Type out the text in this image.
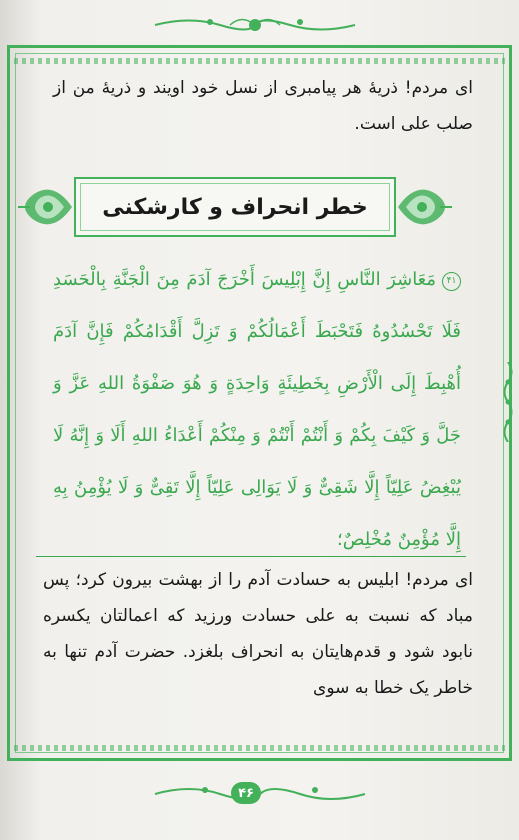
ای مردم! ذریهٔ هر پیامبری از نسل خود اویند و ذریهٔ من از صلب علی است.
خطر انحراف و کارشکنی
۴۱مَعَاشِرَ النَّاسِ إِنَّ إِبْلِیسَ أَخْرَجَ آدَمَ مِنَ الْجَنَّةِ بِالْحَسَدِ فَلَا تَحْسُدُوهُ فَتَحْبَطَ أَعْمَالُكُمْ وَ تَزِلَّ أَقْدَامُكُمْ فَإِنَّ آدَمَ أُهْبِطَ إِلَى الْأَرْضِ بِخَطِیئَةٍ وَاحِدَةٍ وَ هُوَ صَفْوَةُ اللهِ عَزَّ وَ جَلَّ وَ كَیْفَ بِكُمْ وَ أَنْتُمْ أَنْتُمْ وَ مِنْكُمْ أَعْدَاءُ اللهِ أَلَا وَ إِنَّهُ لَا یُبْغِضُ عَلِیّاً إِلَّا شَقِیٌّ وَ لَا یَوَالِی عَلِیّاً إِلَّا تَقِیٌّ وَ لَا یُؤْمِنُ بِهِ إِلَّا مُؤْمِنٌ مُخْلِصٌ؛
ای مردم! ابلیس به حسادت آدم را از بهشت بیرون کرد؛ پس مباد که نسبت به علی حسادت ورزید که اعمالتان یکسره نابود شود و قدم‌هایتان به انحراف بلغزد. حضرت آدم تنها به خاطر یک خطا به سوی
۴۶
